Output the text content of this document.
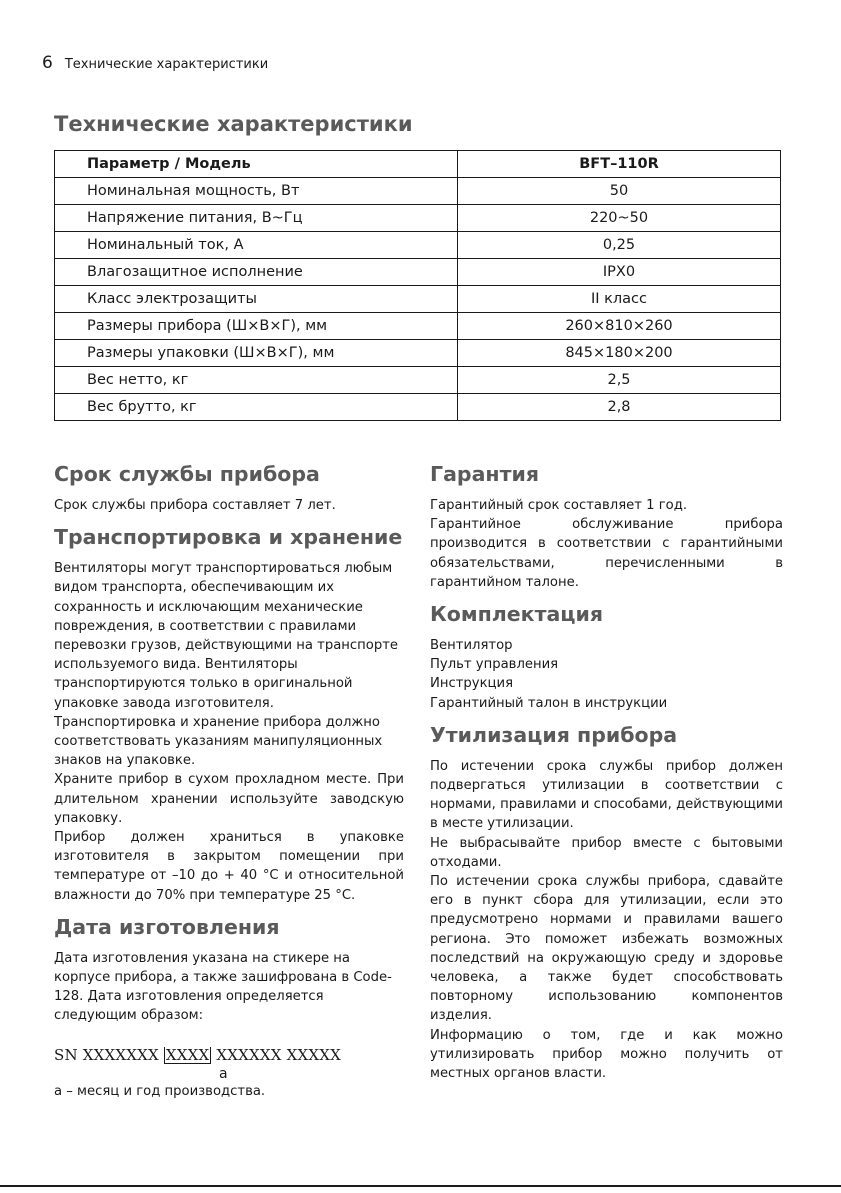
6 Технические характеристики
Технические характеристики
Параметр / Модель	BFT–110R
Номинальная мощность, Вт	50
Напряжение питания, В~Гц	220~50
Номинальный ток, А	0,25
Влагозащитное исполнение	IPX0
Класс электрозащиты	II класс
Размеры прибора (Ш×В×Г), мм	260×810×260
Размеры упаковки (Ш×В×Г), мм	845×180×200
Вес нетто, кг	2,5
Вес брутто, кг	2,8
Срок службы прибора

Срок службы прибора составляет 7 лет.

Транспортировка и хранение

Вентиляторы могут транспортироваться любым видом транспорта, обеспечивающим их сохранность и исключающим механические повреждения, в соответствии с правилами перевозки грузов, действующими на транспорте используемого вида. Вентиляторы транспортируются только в оригинальной упаковке завода изготовителя.

Транспортировка и хранение прибора должно соответствовать указаниям манипуляционных знаков на упаковке.

Храните прибор в сухом прохладном месте. При длительном хранении используйте заводскую упаковку.

Прибор должен храниться в упаковке изготовителя в закрытом помещении при температуре от –10 до + 40 °С и относительной влажности до 70% при температуре 25 °С.

Дата изготовления

Дата изготовления указана на стикере на корпусе прибора, а также зашифрована в Code-128. Дата изготовления определяется следующим образом:

SN XXXXXXX XXXX XXXXXX XXXXX
a

a – месяц и год производства.

Гарантия

Гарантийный срок составляет 1 год.

Гарантийное обслуживание прибора производится в соответствии с гарантийными обязательствами, перечисленными в гарантийном талоне.

Комплектация

Вентилятор

Пульт управления

Инструкция

Гарантийный талон в инструкции

Утилизация прибора

По истечении срока службы прибор должен подвергаться утилизации в соответствии с нормами, правилами и способами, действующими в месте утилизации.

Не выбрасывайте прибор вместе с бытовыми отходами.

По истечении срока службы прибора, сдавайте его в пункт сбора для утилизации, если это предусмотрено нормами и правилами вашего региона. Это поможет избежать возможных последствий на окружающую среду и здоровье человека, а также будет способствовать повторному использованию компонентов изделия.

Информацию о том, где и как можно утилизировать прибор можно получить от местных органов власти.
